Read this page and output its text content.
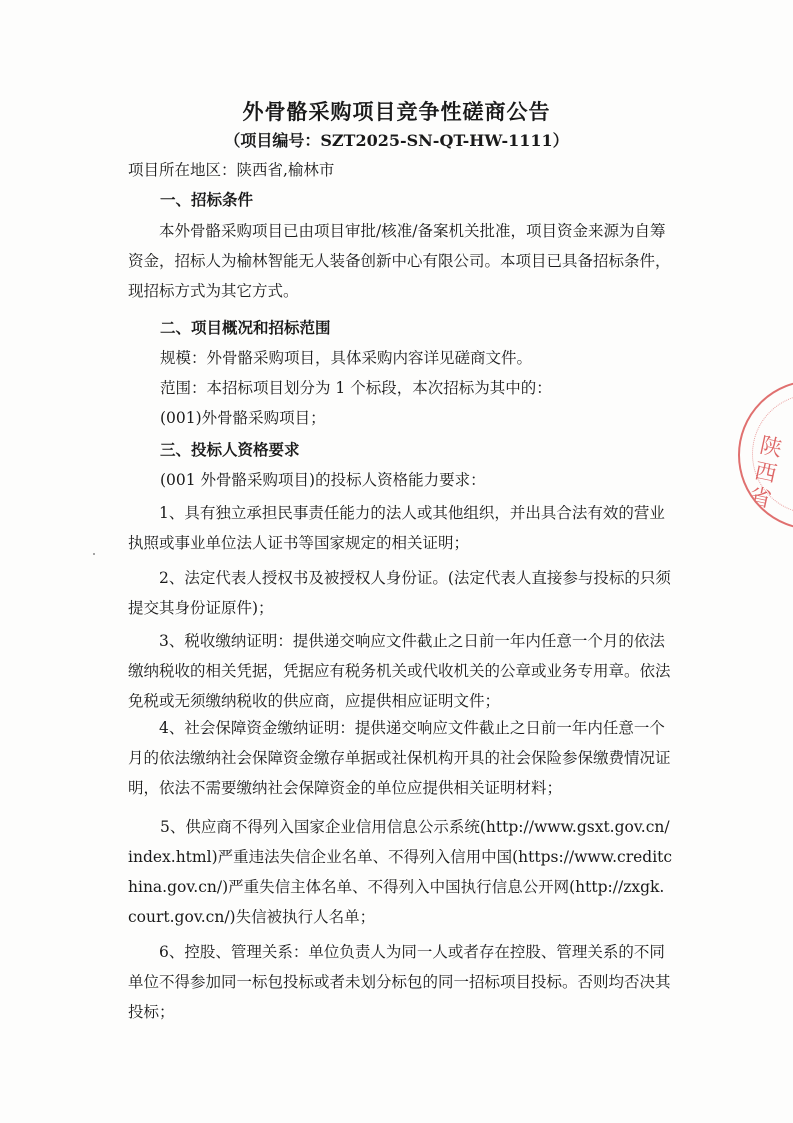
外骨骼采购项目竞争性磋商公告

（项目编号：SZT2025-SN-QT-HW-1111）

项目所在地区：陕西省,榆林市

一、招标条件

本外骨骼采购项目已由项目审批/核准/备案机关批准，项目资金来源为自筹资金，招标人为榆林智能无人装备创新中心有限公司。本项目已具备招标条件，现招标方式为其它方式。

二、项目概况和招标范围

规模：外骨骼采购项目，具体采购内容详见磋商文件。

范围：本招标项目划分为 1 个标段，本次招标为其中的：

(001)外骨骼采购项目；

三、投标人资格要求

(001 外骨骼采购项目)的投标人资格能力要求：

1、具有独立承担民事责任能力的法人或其他组织，并出具合法有效的营业执照或事业单位法人证书等国家规定的相关证明；

2、法定代表人授权书及被授权人身份证。(法定代表人直接参与投标的只须提交其身份证原件)；

3、税收缴纳证明：提供递交响应文件截止之日前一年内任意一个月的依法缴纳税收的相关凭据，凭据应有税务机关或代收机关的公章或业务专用章。依法免税或无须缴纳税收的供应商，应提供相应证明文件；

4、社会保障资金缴纳证明：提供递交响应文件截止之日前一年内任意一个月的依法缴纳社会保障资金缴存单据或社保机构开具的社会保险参保缴费情况证明，依法不需要缴纳社会保障资金的单位应提供相关证明材料；

5、供应商不得列入国家企业信用信息公示系统(http://www.gsxt.gov.cn/

index.html)严重违法失信企业名单、不得列入信用中国(https://www.creditc

hina.gov.cn/)严重失信主体名单、不得列入中国执行信息公开网(http://zxgk.

court.gov.cn/)失信被执行人名单；

6、控股、管理关系：单位负责人为同一人或者存在控股、管理关系的不同单位不得参加同一标包投标或者未划分标包的同一招标项目投标。否则均否决其投标；

陕西省
